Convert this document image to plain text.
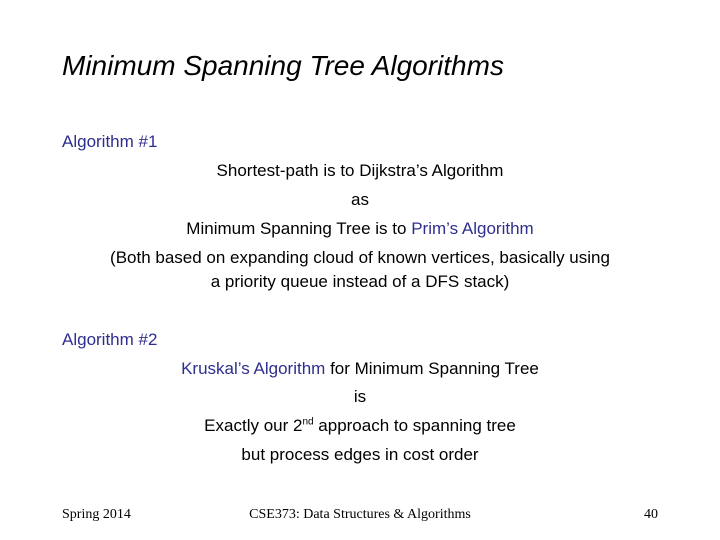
Minimum Spanning Tree Algorithms
Algorithm #1
Shortest-path is to Dijkstra’s Algorithm
as
Minimum Spanning Tree is to Prim’s Algorithm
(Both based on expanding cloud of known vertices, basically using
a priority queue instead of a DFS stack)
Algorithm #2
Kruskal’s Algorithm for Minimum Spanning Tree
is
Exactly our 2nd approach to spanning tree
but process edges in cost order
Spring 2014	CSE373: Data Structures & Algorithms	40
